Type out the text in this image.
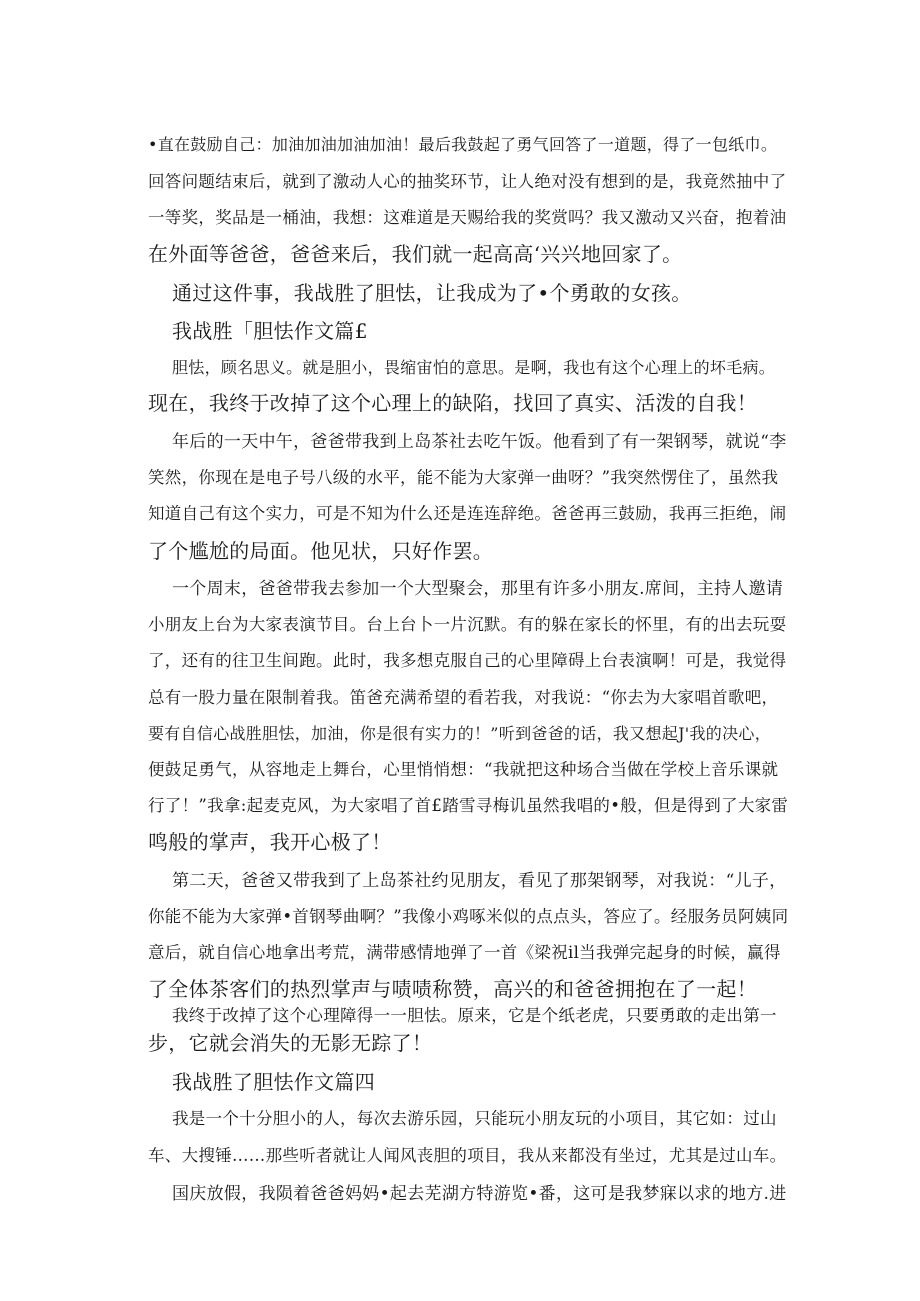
•直在鼓励自己：加油加油加油加油！最后我鼓起了勇气回答了一道题，得了一包纸巾。
回答问题结束后，就到了激动人心的抽奖环节，让人绝对没有想到的是，我竟然抽中了
一等奖，奖品是一桶油，我想：这难道是天赐给我的奖赏吗？我又激动又兴奋，抱着油
在外面等爸爸，爸爸来后，我们就一起高高‘兴兴地回家了。
通过这件事，我战胜了胆怯，让我成为了•个勇敢的女孩。
我战胜「胆怯作文篇£
胆怯，顾名思义。就是胆小，畏缩宙怕的意思。是啊，我也有这个心理上的坏毛病。
现在，我终于改掉了这个心理上的缺陷，找回了真实、活泼的自我！
年后的一天中午，爸爸带我到上岛茶社去吃午饭。他看到了有一架钢琴，就说“李
笑然，你现在是电子号八级的水平，能不能为大家弹一曲呀？”我突然愣住了，虽然我
知道自己有这个实力，可是不知为什么还是连连辞绝。爸爸再三鼓励，我再三拒绝，闹
了个尴尬的局面。他见状，只好作罢。
一个周末，爸爸带我去参加一个大型聚会，那里有许多小朋友.席间，主持人邀请
小朋友上台为大家表演节目。台上台卜一片沉默。有的躲在家长的怀里，有的出去玩耍
了，还有的往卫生间跑。此时，我多想克服自己的心里障碍上台表演啊！可是，我觉得
总有一股力量在限制着我。笛爸充满希望的看若我，对我说：“你去为大家唱首歌吧，
要有自信心战胜胆怯，加油，你是很有实力的！”听到爸爸的话，我又想起J'我的决心，
便鼓足勇气，从容地走上舞台，心里悄悄想：“我就把这种场合当做在学校上音乐课就
行了！”我拿:起麦克风，为大家唱了首£踏雪寻梅讥虽然我唱的•般，但是得到了大家雷
鸣般的掌声，我开心极了！
第二天，爸爸又带我到了上岛茶社约见朋友，看见了那架钢琴，对我说：“儿子，
你能不能为大家弹•首钢琴曲啊？”我像小鸡啄米似的点点头，答应了。经服务员阿姨同
意后，就自信心地拿出考荒，满带感情地弹了一首《梁祝il当我弹完起身的时候，赢得
了全体茶客们的热烈掌声与啧啧称赞，高兴的和爸爸拥抱在了一起！
我终于改掉了这个心理障得一一胆怯。原来，它是个纸老虎，只要勇敢的走出第一
步，它就会消失的无影无踪了！
我战胜了胆怯作文篇四
我是一个十分胆小的人，每次去游乐园，只能玩小朋友玩的小项目，其它如：过山
车、大搜锤……那些听者就让人闻风丧胆的项目，我从来都没有坐过，尤其是过山车。
国庆放假，我陨着爸爸妈妈•起去芜湖方特游览•番，这可是我梦寐以求的地方.进
